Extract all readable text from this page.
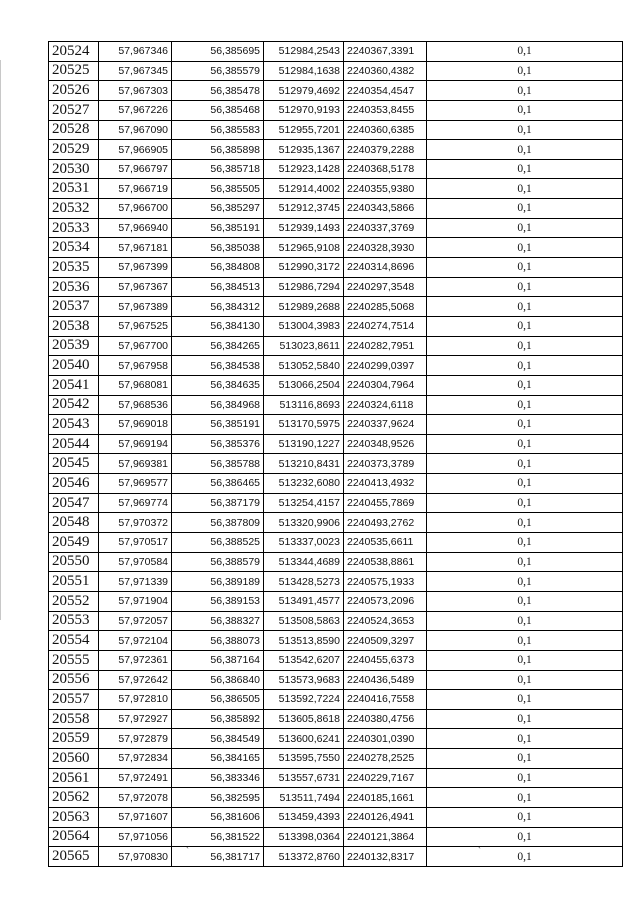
20524	57,967346	56,385695	512984,2543	2240367,3391	0,1
20525	57,967345	56,385579	512984,1638	2240360,4382	0,1
20526	57,967303	56,385478	512979,4692	2240354,4547	0,1
20527	57,967226	56,385468	512970,9193	2240353,8455	0,1
20528	57,967090	56,385583	512955,7201	2240360,6385	0,1
20529	57,966905	56,385898	512935,1367	2240379,2288	0,1
20530	57,966797	56,385718	512923,1428	2240368,5178	0,1
20531	57,966719	56,385505	512914,4002	2240355,9380	0,1
20532	57,966700	56,385297	512912,3745	2240343,5866	0,1
20533	57,966940	56,385191	512939,1493	2240337,3769	0,1
20534	57,967181	56,385038	512965,9108	2240328,3930	0,1
20535	57,967399	56,384808	512990,3172	2240314,8696	0,1
20536	57,967367	56,384513	512986,7294	2240297,3548	0,1
20537	57,967389	56,384312	512989,2688	2240285,5068	0,1
20538	57,967525	56,384130	513004,3983	2240274,7514	0,1
20539	57,967700	56,384265	513023,8611	2240282,7951	0,1
20540	57,967958	56,384538	513052,5840	2240299,0397	0,1
20541	57,968081	56,384635	513066,2504	2240304,7964	0,1
20542	57,968536	56,384968	513116,8693	2240324,6118	0,1
20543	57,969018	56,385191	513170,5975	2240337,9624	0,1
20544	57,969194	56,385376	513190,1227	2240348,9526	0,1
20545	57,969381	56,385788	513210,8431	2240373,3789	0,1
20546	57,969577	56,386465	513232,6080	2240413,4932	0,1
20547	57,969774	56,387179	513254,4157	2240455,7869	0,1
20548	57,970372	56,387809	513320,9906	2240493,2762	0,1
20549	57,970517	56,388525	513337,0023	2240535,6611	0,1
20550	57,970584	56,388579	513344,4689	2240538,8861	0,1
20551	57,971339	56,389189	513428,5273	2240575,1933	0,1
20552	57,971904	56,389153	513491,4577	2240573,2096	0,1
20553	57,972057	56,388327	513508,5863	2240524,3653	0,1
20554	57,972104	56,388073	513513,8590	2240509,3297	0,1
20555	57,972361	56,387164	513542,6207	2240455,6373	0,1
20556	57,972642	56,386840	513573,9683	2240436,5489	0,1
20557	57,972810	56,386505	513592,7224	2240416,7558	0,1
20558	57,972927	56,385892	513605,8618	2240380,4756	0,1
20559	57,972879	56,384549	513600,6241	2240301,0390	0,1
20560	57,972834	56,384165	513595,7550	2240278,2525	0,1
20561	57,972491	56,383346	513557,6731	2240229,7167	0,1
20562	57,972078	56,382595	513511,7494	2240185,1661	0,1
20563	57,971607	56,381606	513459,4393	2240126,4941	0,1
20564	57,971056	56,381522	513398,0364	2240121,3864	0,1
20565	57,970830	56,381717	513372,8760	2240132,8317	0,1
`	`
